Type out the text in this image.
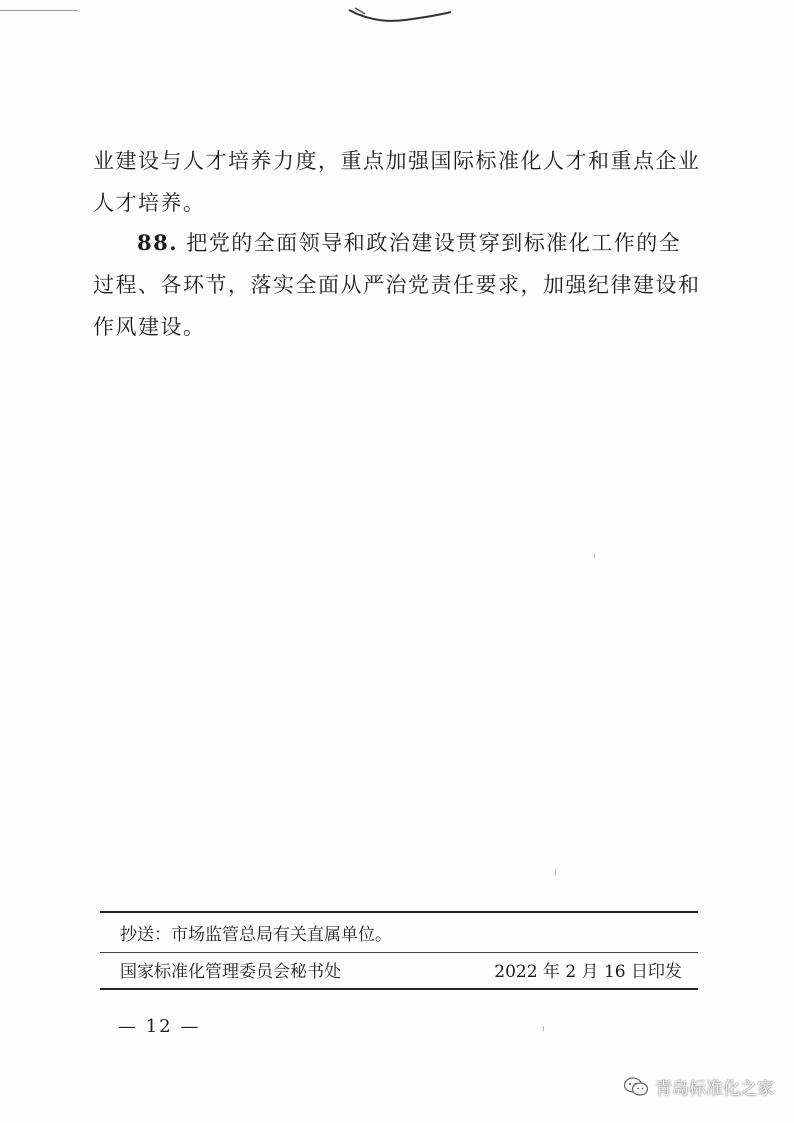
业建设与人才培养力度，重点加强国际标准化人才和重点企业人才培养。

88. 把党的全面领导和政治建设贯穿到标准化工作的全过程、各环节，落实全面从严治党责任要求，加强纪律建设和作风建设。

抄送：市场监管总局有关直属单位。

国家标准化管理委员会秘书处	2022 年 2 月 16 日印发

— 12 —

青岛标准化之家
